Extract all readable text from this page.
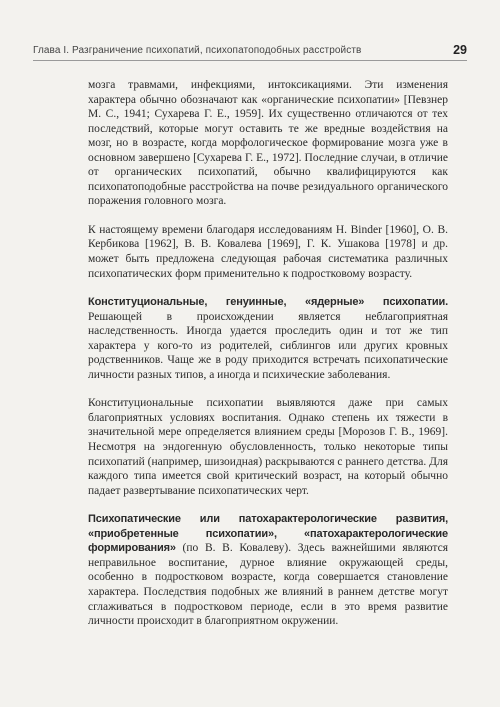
Глава I. Разграничение психопатий, психопатоподобных расстройств	29

мозга травмами, инфекциями, интоксикациями. Эти изменения характера обычно обозначают как «органические психопатии» [Певзнер М. С., 1941; Сухарева Г. Е., 1959]. Их существенно отличаются от тех последствий, которые могут оставить те же вредные воздействия на мозг, но в возрасте, когда морфологическое формирование мозга уже в основном завершено [Сухарева Г. Е., 1972]. Последние случаи, в отличие от органических психопатий, обычно квалифицируются как психопатоподобные расстройства на почве резидуального органического поражения головного мозга.

К настоящему времени благодаря исследованиям H. Binder [1960], О. В. Кербикова [1962], В. В. Ковалева [1969], Г. К. Ушакова [1978] и др. может быть предложена следующая рабочая систематика различных психопатических форм применительно к подростковому возрасту.

Конституциональные, генуинные, «ядерные» психопатии. Решающей в происхождении является неблагоприятная наследственность. Иногда удается проследить один и тот же тип характера у кого-то из родителей, сиблингов или других кровных родственников. Чаще же в роду приходится встречать психопатические личности разных типов, а иногда и психические заболевания.

Конституциональные психопатии выявляются даже при самых благоприятных условиях воспитания. Однако степень их тяжести в значительной мере определяется влиянием среды [Морозов Г. В., 1969]. Несмотря на эндогенную обусловленность, только некоторые типы психопатий (например, шизоидная) раскрываются с раннего детства. Для каждого типа имеется свой критический возраст, на который обычно падает развертывание психопатических черт.

Психопатические или патохарактерологические развития, «приобретенные психопатии», «патохарактерологические формирования» (по В. В. Ковалеву). Здесь важнейшими являются неправильное воспитание, дурное влияние окружающей среды, особенно в подростковом возрасте, когда совершается становление характера. Последствия подобных же влияний в раннем детстве могут сглаживаться в подростковом периоде, если в это время развитие личности происходит в благоприятном окружении.
